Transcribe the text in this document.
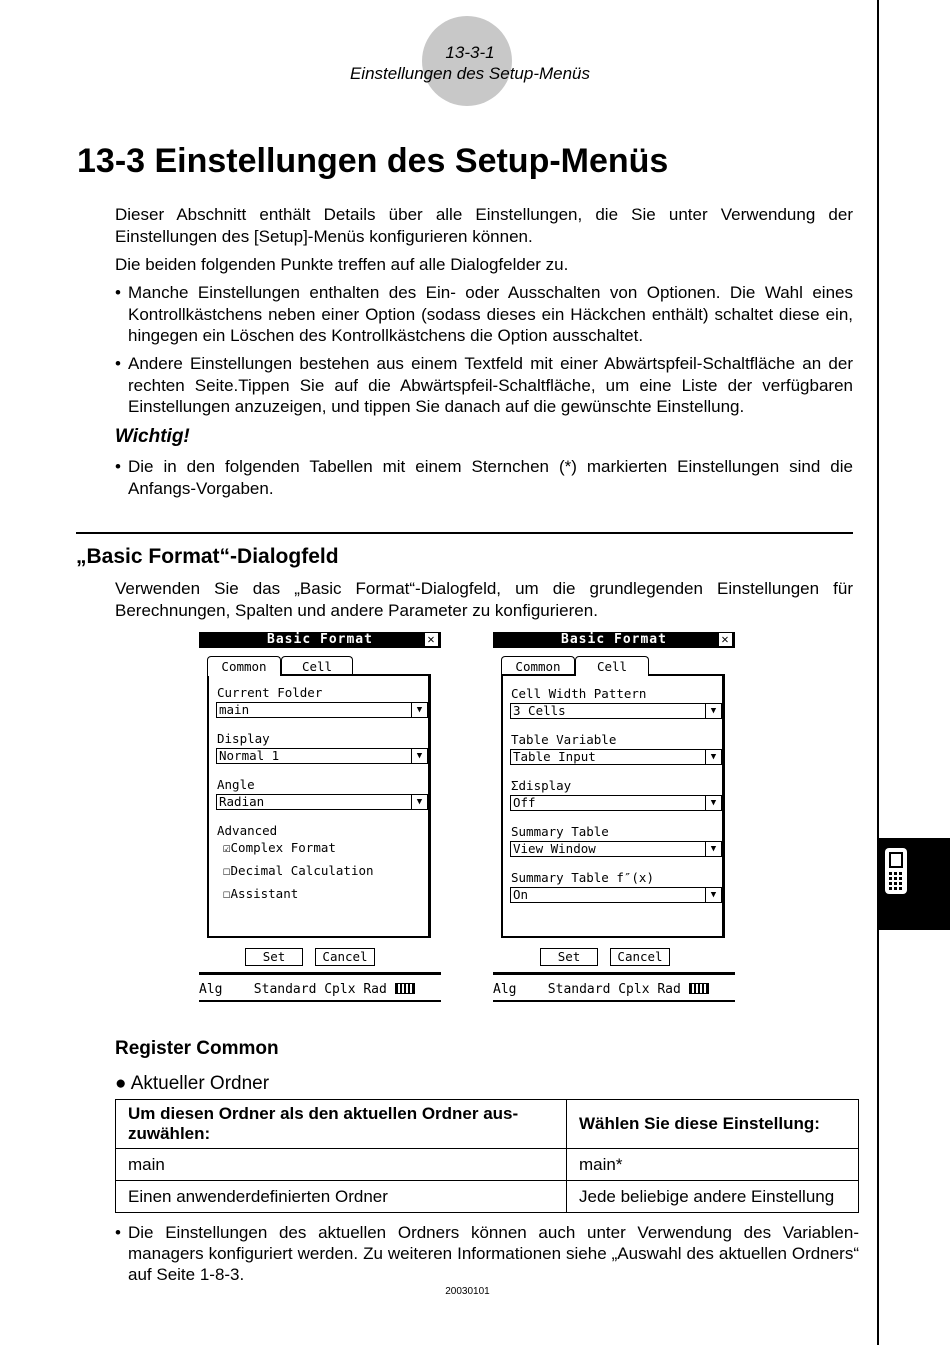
13-3-1
Einstellungen des Setup-Menüs
13-3 Einstellungen des Setup-Menüs
Dieser Abschnitt enthält Details über alle Einstellungen, die Sie unter Verwendung der Einstellungen des [Setup]-Menüs konfigurieren können.
Die beiden folgenden Punkte treffen auf alle Dialogfelder zu.
• Manche Einstellungen enthalten des Ein- oder Ausschalten von Optionen. Die Wahl eines Kontrollkästchens neben einer Option (sodass dieses ein Häckchen enthält) schaltet diese ein, hingegen ein Löschen des Kontrollkästchens die Option ausschaltet.
• Andere Einstellungen bestehen aus einem Textfeld mit einer Abwärtspfeil-Schaltfläche an der rechten Seite.Tippen Sie auf die Abwärtspfeil-Schaltfläche, um eine Liste der verfügbaren Einstellungen anzuzeigen, und tippen Sie danach auf die gewünschte Einstellung.
Wichtig!
• Die in den folgenden Tabellen mit einem Sternchen (*) markierten Einstellungen sind die Anfangs-Vorgaben.
„Basic Format“-Dialogfeld
Verwenden Sie das „Basic Format“-Dialogfeld, um die grundlegenden Einstellungen für Berechnungen, Spalten und andere Parameter zu konfigurieren.
Basic Format	✕
Common	Cell
Current Folder
main	▼
Display
Normal 1	▼
Angle
Radian	▼
Advanced
☑Complex Format
☐Decimal Calculation
☐Assistant
Set	Cancel
Alg    Standard Cplx Rad
Basic Format	✕
Common	Cell
Cell Width Pattern
3 Cells	▼
Table Variable
Table Input	▼
Σdisplay
Off	▼
Summary Table
View Window	▼
Summary Table f″(x)
On	▼
Set	Cancel
Alg    Standard Cplx Rad
Register Common
● Aktueller Ordner
Um diesen Ordner als den aktuellen Ordner aus-zuwählen:	Wählen Sie diese Einstellung:
main	main*
Einen anwenderdefinierten Ordner	Jede beliebige andere Einstellung
• Die Einstellungen des aktuellen Ordners können auch unter Verwendung des Variablen-managers konfiguriert werden. Zu weiteren Informationen siehe „Auswahl des aktuellen Ordners“ auf Seite 1-8-3.
20030101
